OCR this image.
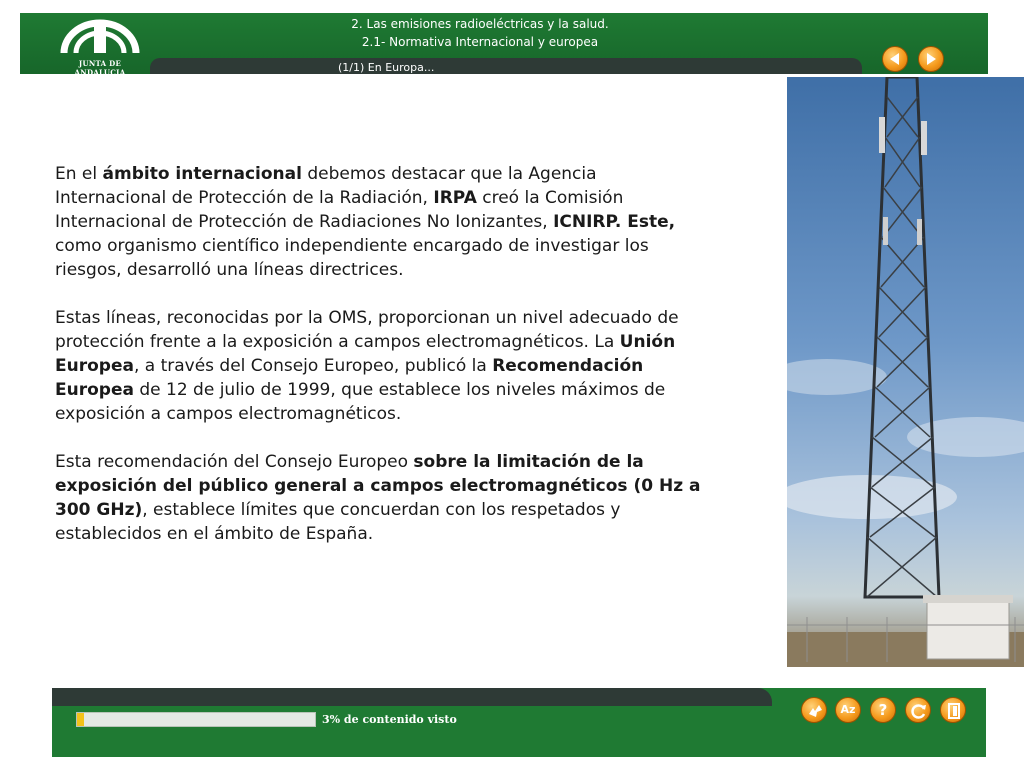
JUNTA DE ANDALUCIA
2. Las emisiones radioeléctricas y la salud.
2.1- Normativa Internacional y europea
(1/1) En Europa...

En el ámbito internacional debemos destacar que la Agencia Internacional de Protección de la Radiación, IRPA creó la Comisión Internacional de Protección de Radiaciones No Ionizantes, ICNIRP. Este, como organismo científico independiente encargado de investigar los riesgos, desarrolló una líneas directrices.

Estas líneas, reconocidas por la OMS, proporcionan un nivel adecuado de protección frente a la exposición a campos electromagnéticos. La Unión Europea, a través del Consejo Europeo, publicó la Recomendación Europea de 12 de julio de 1999, que establece los niveles máximos de exposición a campos electromagnéticos.

Esta recomendación del Consejo Europeo sobre la limitación de la exposición del público general a campos electromagnéticos (0 Hz a 300 GHz), establece límites que concuerdan con los respetados y establecidos en el ámbito de España.

3% de contenido visto
Az	?
